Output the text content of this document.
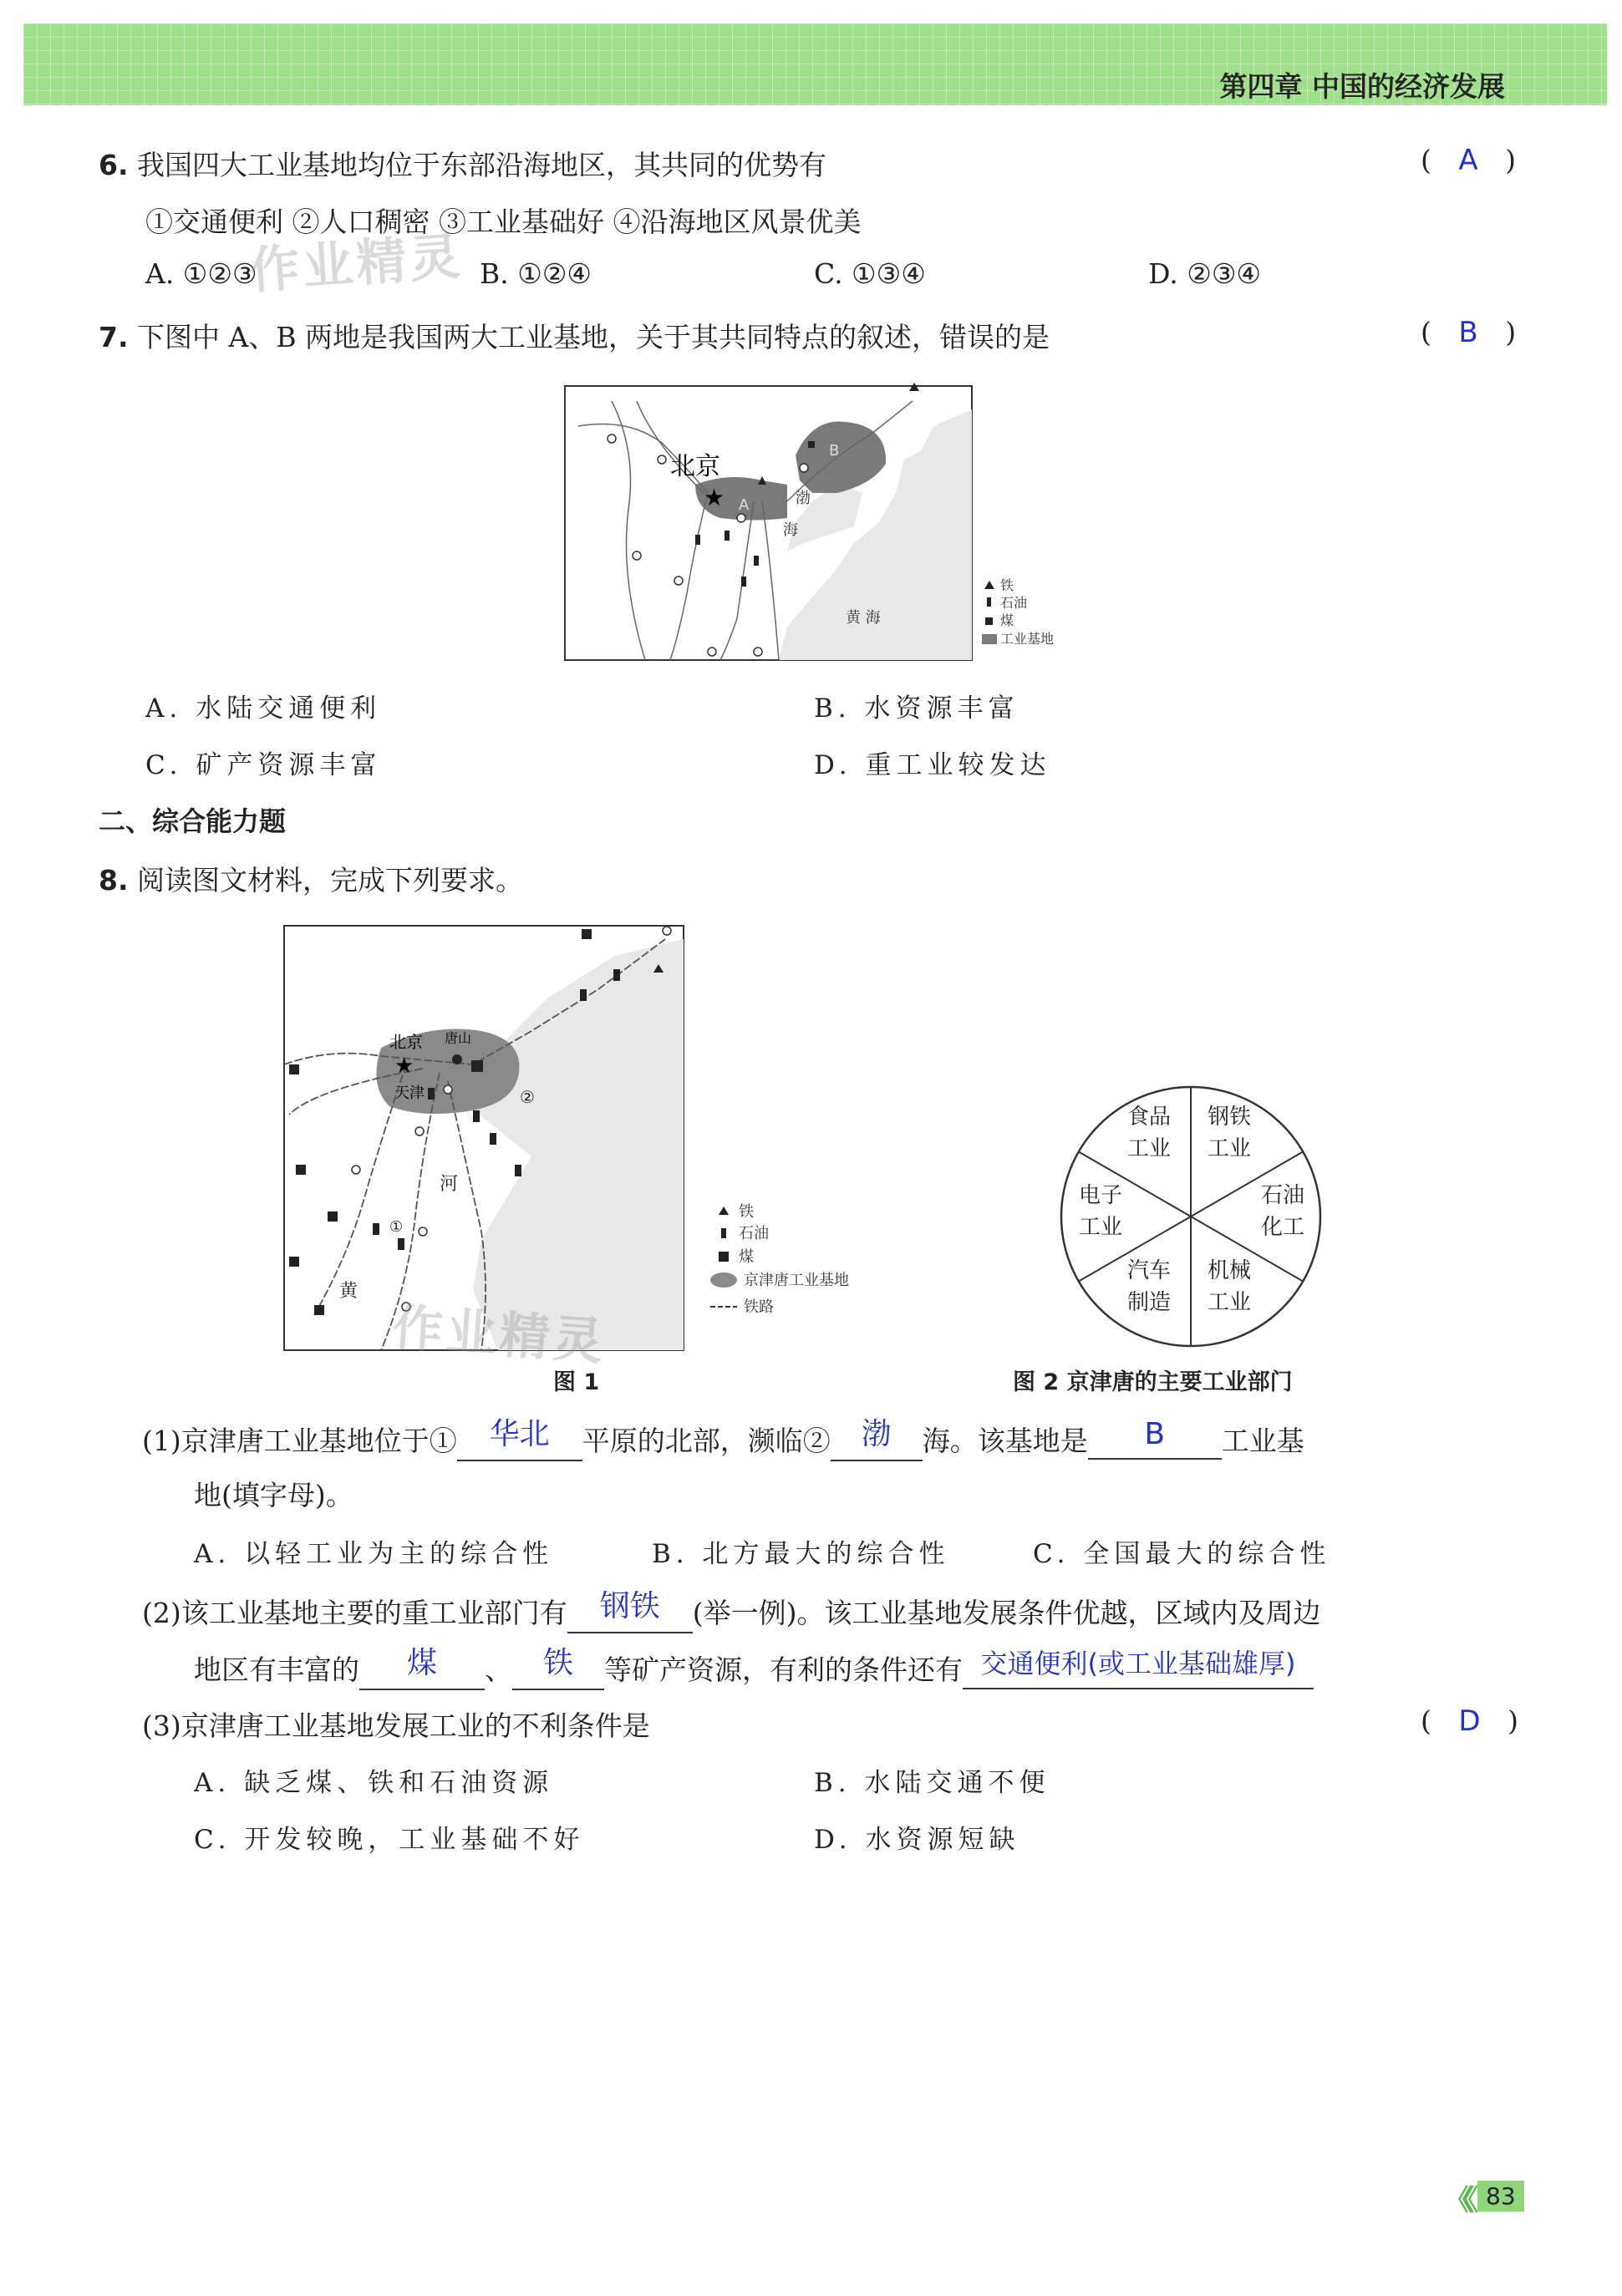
第四章 中国的经济发展
6. 我国四大工业基地均位于东部沿海地区，其共同的优势有	( A )
①交通便利 ②人口稠密 ③工业基础好 ④沿海地区风景优美
A. ①②③	B. ①②④	C. ①③④	D. ②③④
7. 下图中 A、B 两地是我国两大工业基地，关于其共同特点的叙述，错误的是	( B )
北京
★ A
B
渤
海
黄 海
铁
石油
煤
工业基地
A. 水陆交通便利	B. 水资源丰富
C. 矿产资源丰富	D. 重工业较发达
二、综合能力题
8. 阅读图文材料，完成下列要求。
北京
★
唐山
天津	②
①
河
黄
铁
石油
煤
京津唐工业基地
铁路
图 1
食品工业
钢铁工业
石油化工
机械工业
汽车制造
电子工业
图 2 京津唐的主要工业部门
(1)京津唐工业基地位于① 华北 平原的北部，濒临② 渤 海。该基地是 B 工业基
地(填字母)。
A. 以轻工业为主的综合性	B. 北方最大的综合性	C. 全国最大的综合性
(2)该工业基地主要的重工业部门有 钢铁 (举一例)。该工业基地发展条件优越，区域内及周边
地区有丰富的 煤 、 铁 等矿产资源，有利的条件还有 交通便利(或工业基础雄厚)
(3)京津唐工业基地发展工业的不利条件是	( D )
A. 缺乏煤、铁和石油资源	B. 水陆交通不便
C. 开发较晚，工业基础不好	D. 水资源短缺
作业精灵
作业精灵
《《 83
